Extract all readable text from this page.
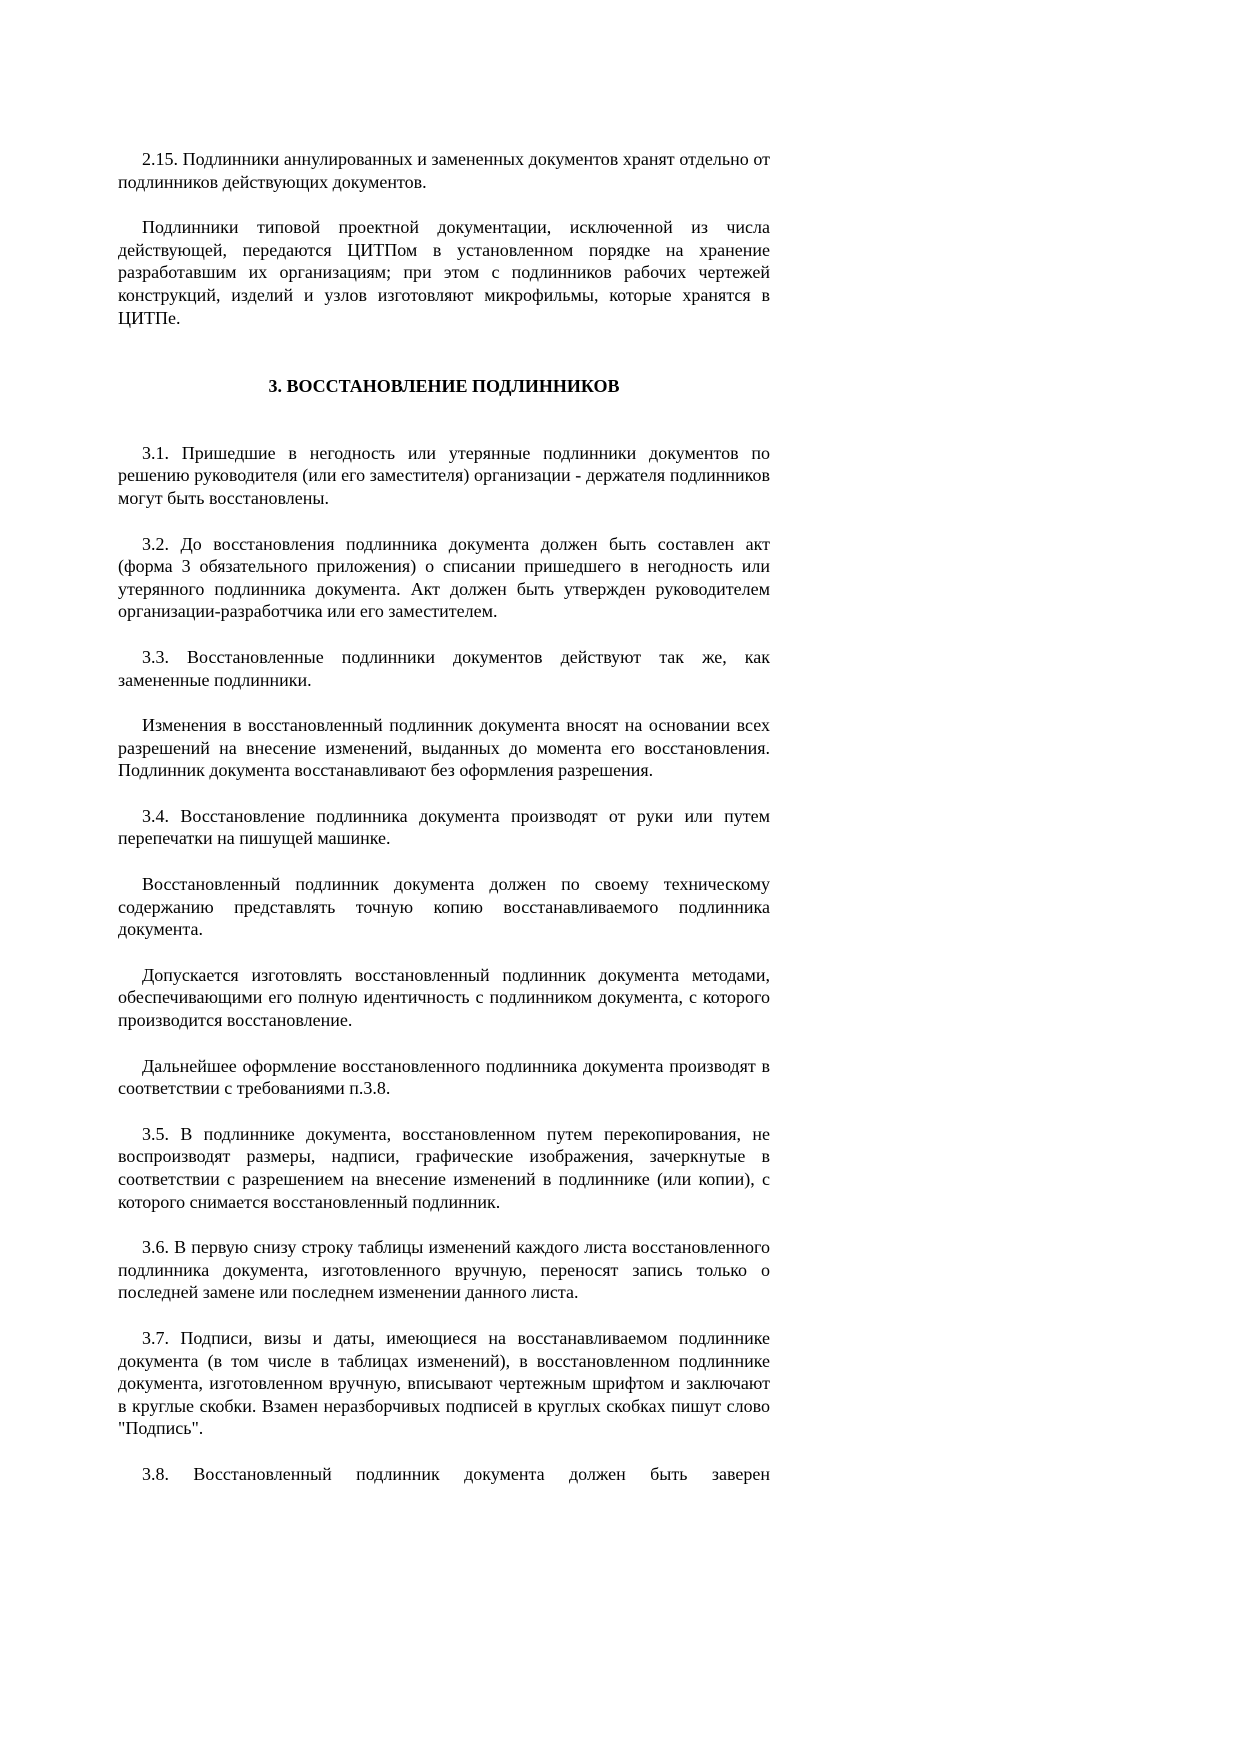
2.15. Подлинники аннулированных и замененных документов хранят отдельно от подлинников действующих документов.

Подлинники типовой проектной документации, исключенной из числа действующей, передаются ЦИТПом в установленном порядке на хранение разработавшим их организациям; при этом с подлинников рабочих чертежей конструкций, изделий и узлов изготовляют микрофильмы, которые хранятся в ЦИТПе.

3. ВОССТАНОВЛЕНИЕ ПОДЛИННИКОВ

3.1. Пришедшие в негодность или утерянные подлинники документов по решению руководителя (или его заместителя) организации - держателя подлинников могут быть восстановлены.

3.2. До восстановления подлинника документа должен быть составлен акт (форма 3 обязательного приложения) о списании пришедшего в негодность или утерянного подлинника документа. Акт должен быть утвержден руководителем организации-разработчика или его заместителем.

3.3. Восстановленные подлинники документов действуют так же, как замененные подлинники.

Изменения в восстановленный подлинник документа вносят на основании всех разрешений на внесение изменений, выданных до момента его восстановления. Подлинник документа восстанавливают без оформления разрешения.

3.4. Восстановление подлинника документа производят от руки или путем перепечатки на пишущей машинке.

Восстановленный подлинник документа должен по своему техническому содержанию представлять точную копию восстанавливаемого подлинника документа.

Допускается изготовлять восстановленный подлинник документа методами, обеспечивающими его полную идентичность с подлинником документа, с которого производится восстановление.

Дальнейшее оформление восстановленного подлинника документа производят в соответствии с требованиями п.3.8.

3.5. В подлиннике документа, восстановленном путем перекопирования, не воспроизводят размеры, надписи, графические изображения, зачеркнутые в соответствии с разрешением на внесение изменений в подлиннике (или копии), с которого снимается восстановленный подлинник.

3.6. В первую снизу строку таблицы изменений каждого листа восстановленного подлинника документа, изготовленного вручную, переносят запись только о последней замене или последнем изменении данного листа.

3.7. Подписи, визы и даты, имеющиеся на восстанавливаемом подлиннике документа (в том числе в таблицах изменений), в восстановленном подлиннике документа, изготовленном вручную, вписывают чертежным шрифтом и заключают в круглые скобки. Взамен неразборчивых подписей в круглых скобках пишут слово "Подпись".

3.8. Восстановленный подлинник документа должен быть заверен
